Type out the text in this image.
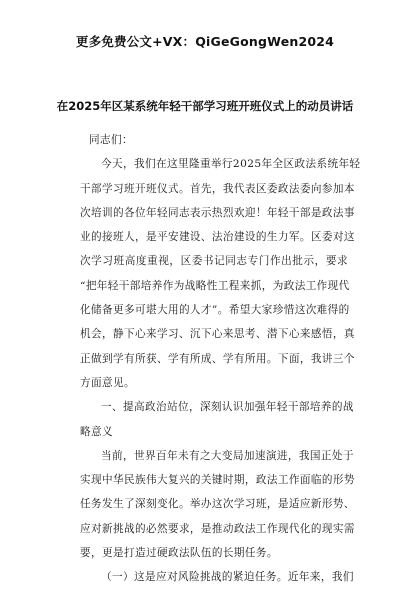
更多免费公文+VX：QiGeGongWen2024
在2025年区某系统年轻干部学习班开班仪式上的动员讲话
同志们：
今天，我们在这里隆重举行2025年全区政法系统年轻
干部学习班开班仪式。首先，我代表区委政法委向参加本
次培训的各位年轻同志表示热烈欢迎！年轻干部是政法事
业的接班人，是平安建设、法治建设的生力军。区委对这
次学习班高度重视，区委书记同志专门作出批示，要求
“把年轻干部培养作为战略性工程来抓，为政法工作现代
化储备更多可堪大用的人才”。希望大家珍惜这次难得的
机会，静下心来学习、沉下心来思考、潜下心来感悟，真
正做到学有所获、学有所成、学有所用。下面，我讲三个
方面意见。
一、提高政治站位，深刻认识加强年轻干部培养的战
略意义
当前，世界百年未有之大变局加速演进，我国正处于
实现中华民族伟大复兴的关键时期，政法工作面临的形势
任务发生了深刻变化。举办这次学习班，是适应新形势、
应对新挑战的必然要求，是推动政法工作现代化的现实需
要，更是打造过硬政法队伍的长期任务。
（一）这是应对风险挑战的紧迫任务。近年来，我们
